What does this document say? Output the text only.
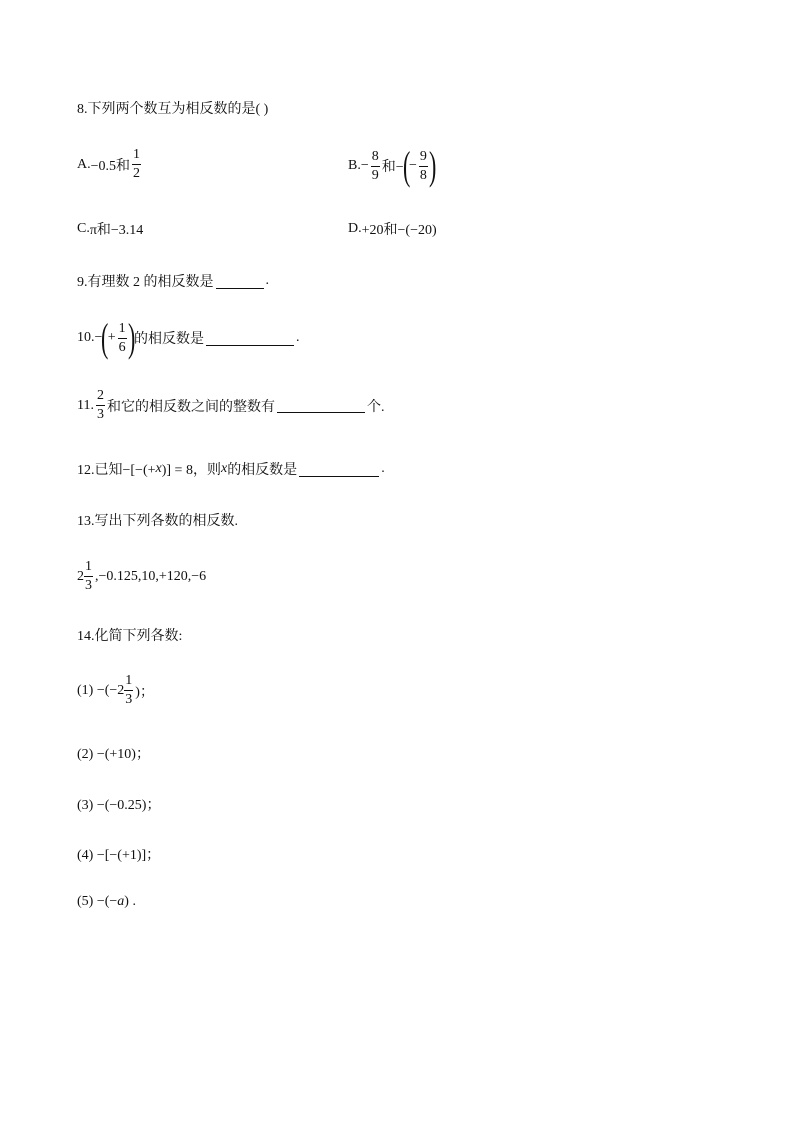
8.下列两个数互为相反数的是( )
A. −0.5和 $\frac{1}{2}$	B. − $\frac{8}{9}$ 和−
(
− $\frac{9}{8}$ )
C. π和−3.14	D. +20和−(−20)
9.有理数 2 的相反数是	.
10.−
(
+ $\frac{1}{6}$ )
的相反数是	.
11. $\frac{2}{3}$ 和它的相反数之间的整数有	个.
12.已知−[−(+ x )] = 8，则 x 的相反数是	.
13.写出下列各数的相反数.
$2 \frac{1}{3} ,-0.125,10,+120,-6$
14.化简下列各数:
$(1) -(-2 \frac{1}{3}$ )；
(2) −(+10)；
(3) −(−0.25)；
(4) −[−(+1)]；
(5) −(− a ) .
